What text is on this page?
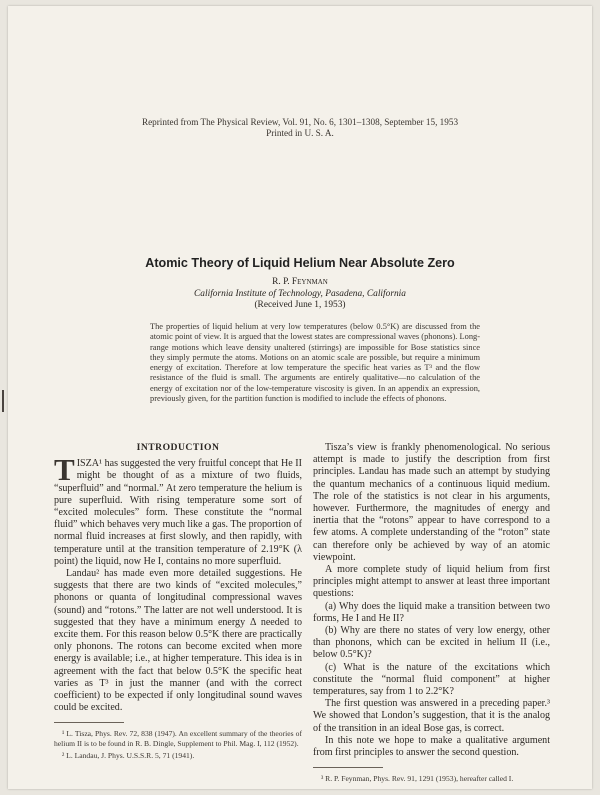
Reprinted from The Physical Review, Vol. 91, No. 6, 1301–1308, September 15, 1953
Printed in U. S. A.
Atomic Theory of Liquid Helium Near Absolute Zero
R. P. Feynman
California Institute of Technology, Pasadena, California
(Received June 1, 1953)
The properties of liquid helium at very low temperatures (below 0.5°K) are discussed from the atomic point of view. It is argued that the lowest states are compressional waves (phonons). Long-range motions which leave density unaltered (stirrings) are impossible for Bose statistics since they simply permute the atoms. Motions on an atomic scale are possible, but require a minimum energy of excitation. Therefore at low temperature the specific heat varies as T³ and the flow resistance of the fluid is small. The arguments are entirely qualitative—no calculation of the energy of excitation nor of the low-temperature viscosity is given. In an appendix an expression, previously given, for the partition function is modified to include the effects of phonons.

INTRODUCTION

TISZA¹ has suggested the very fruitful concept that He II might be thought of as a mixture of two fluids, “superfluid” and “normal.” At zero temperature the helium is pure superfluid. With rising temperature some sort of “excited molecules” form. These constitute the “normal fluid” which behaves very much like a gas. The proportion of normal fluid increases at first slowly, and then rapidly, with temperature until at the transition temperature of 2.19°K (λ point) the liquid, now He I, contains no more superfluid.

Landau² has made even more detailed suggestions. He suggests that there are two kinds of “excited molecules,” phonons or quanta of longitudinal compressional waves (sound) and “rotons.” The latter are not well understood. It is suggested that they have a minimum energy Δ needed to excite them. For this reason below 0.5°K there are practically only phonons. The rotons can become excited when more energy is available; i.e., at higher temperature. This idea is in agreement with the fact that below 0.5°K the specific heat varies as T³ in just the manner (and with the correct coefficient) to be expected if only longitudinal sound waves could be excited.

¹ L. Tisza, Phys. Rev. 72, 838 (1947). An excellent summary of the theories of helium II is to be found in R. B. Dingle, Supplement to Phil. Mag. I, 112 (1952).

² L. Landau, J. Phys. U.S.S.R. 5, 71 (1941).

Tisza’s view is frankly phenomenological. No serious attempt is made to justify the description from first principles. Landau has made such an attempt by studying the quantum mechanics of a continuous liquid medium. The role of the statistics is not clear in his arguments, however. Furthermore, the magnitudes of energy and inertia that the “rotons” appear to have correspond to a few atoms. A complete understanding of the “roton” state can therefore only be achieved by way of an atomic viewpoint.

A more complete study of liquid helium from first principles might attempt to answer at least three important questions:

(a) Why does the liquid make a transition between two forms, He I and He II?

(b) Why are there no states of very low energy, other than phonons, which can be excited in helium II (i.e., below 0.5°K)?

(c) What is the nature of the excitations which constitute the “normal fluid component” at higher temperatures, say from 1 to 2.2°K?

The first question was answered in a preceding paper.³ We showed that London’s suggestion, that it is the analog of the transition in an ideal Bose gas, is correct.

In this note we hope to make a qualitative argument from first principles to answer the second question.

³ R. P. Feynman, Phys. Rev. 91, 1291 (1953), hereafter called I.
